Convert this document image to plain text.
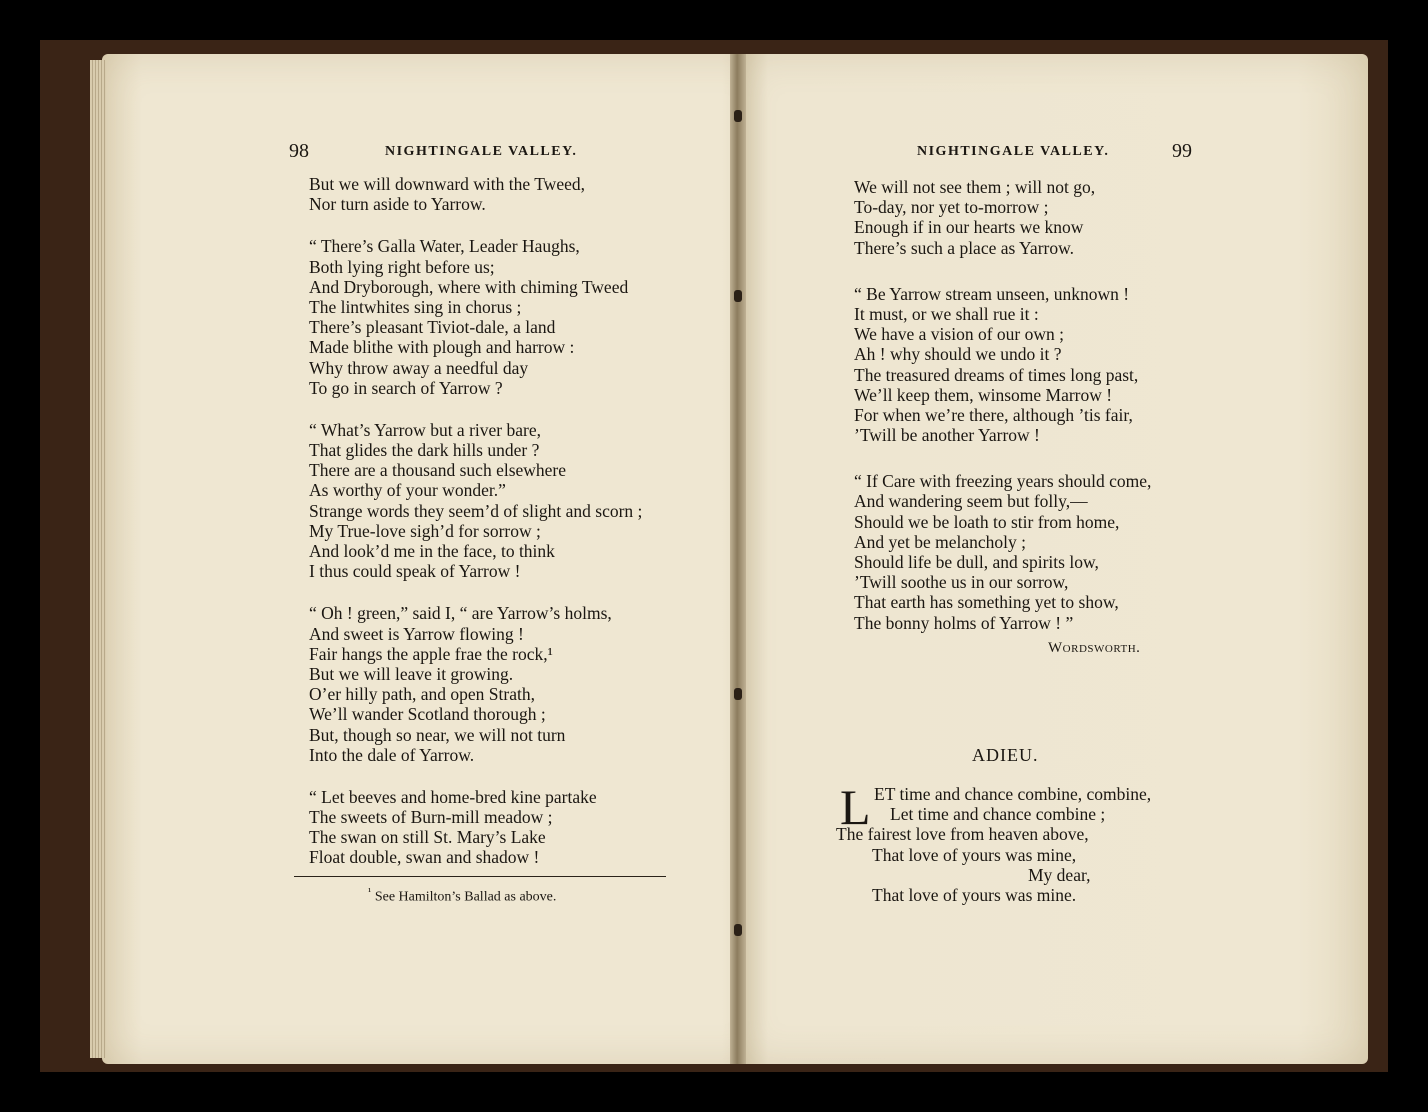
98	NIGHTINGALE VALLEY.
But we will downward with the Tweed,
Nor turn aside to Yarrow.
“ There’s Galla Water, Leader Haughs,
Both lying right before us;
And Dryborough, where with chiming Tweed
The lintwhites sing in chorus ;
There’s pleasant Tiviot-dale, a land
Made blithe with plough and harrow :
Why throw away a needful day
To go in search of Yarrow ?
“ What’s Yarrow but a river bare,
That glides the dark hills under ?
There are a thousand such elsewhere
As worthy of your wonder.”
Strange words they seem’d of slight and scorn ;
My True-love sigh’d for sorrow ;
And look’d me in the face, to think
I thus could speak of Yarrow !
“ Oh ! green,” said I, “ are Yarrow’s holms,
And sweet is Yarrow flowing !
Fair hangs the apple frae the rock,¹
But we will leave it growing.
O’er hilly path, and open Strath,
We’ll wander Scotland thorough ;
But, though so near, we will not turn
Into the dale of Yarrow.
“ Let beeves and home-bred kine partake
The sweets of Burn-mill meadow ;
The swan on still St. Mary’s Lake
Float double, swan and shadow !
$^{^1}$ See Hamilton’s Ballad as above.
NIGHTINGALE VALLEY.	99
We will not see them ; will not go,
To-day, nor yet to-morrow ;
Enough if in our hearts we know
There’s such a place as Yarrow.
“ Be Yarrow stream unseen, unknown !
It must, or we shall rue it :
We have a vision of our own ;
Ah ! why should we undo it ?
The treasured dreams of times long past,
We’ll keep them, winsome Marrow !
For when we’re there, although ’tis fair,
’Twill be another Yarrow !
“ If Care with freezing years should come,
And wandering seem but folly,—
Should we be loath to stir from home,
And yet be melancholy ;
Should life be dull, and spirits low,
’Twill soothe us in our sorrow,
That earth has something yet to show,
The bonny holms of Yarrow ! ”
Wordsworth.
ADIEU.
L ET time and chance combine, combine,
Let time and chance combine ;
The fairest love from heaven above,
That love of yours was mine,
My dear,
That love of yours was mine.
